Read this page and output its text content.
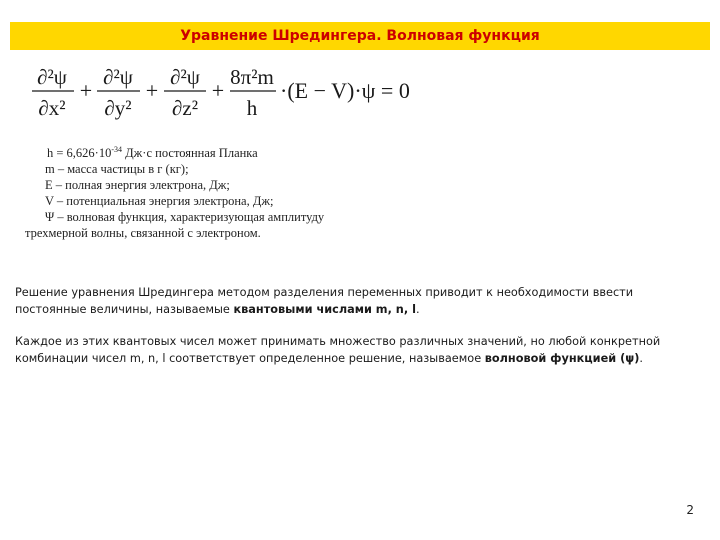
Уравнение Шредингера. Волновая функция
∂²ψ
∂x²
+
∂²ψ
∂y²
+
∂²ψ
∂z²
+
8π²m
h
·(E − V)·ψ = 0
$h = 6,626\cdot 10^{-34}$ Дж·с постоянная Планка
m – масса частицы в г (кг);
E – полная энергия электрона, Дж;
V – потенциальная энергия электрона, Дж;
Ψ – волновая функция, характеризующая амплитуду
трехмерной волны, связанной с электроном.
Решение уравнения Шредингера методом разделения переменных приводит к необходимости ввести постоянные величины, называемые квантовыми числами m, n, l.
Каждое из этих квантовых чисел может принимать множество различных значений, но любой конкретной комбинации чисел m, n, l соответствует определенное решение, называемое волновой функцией (ψ).
2
